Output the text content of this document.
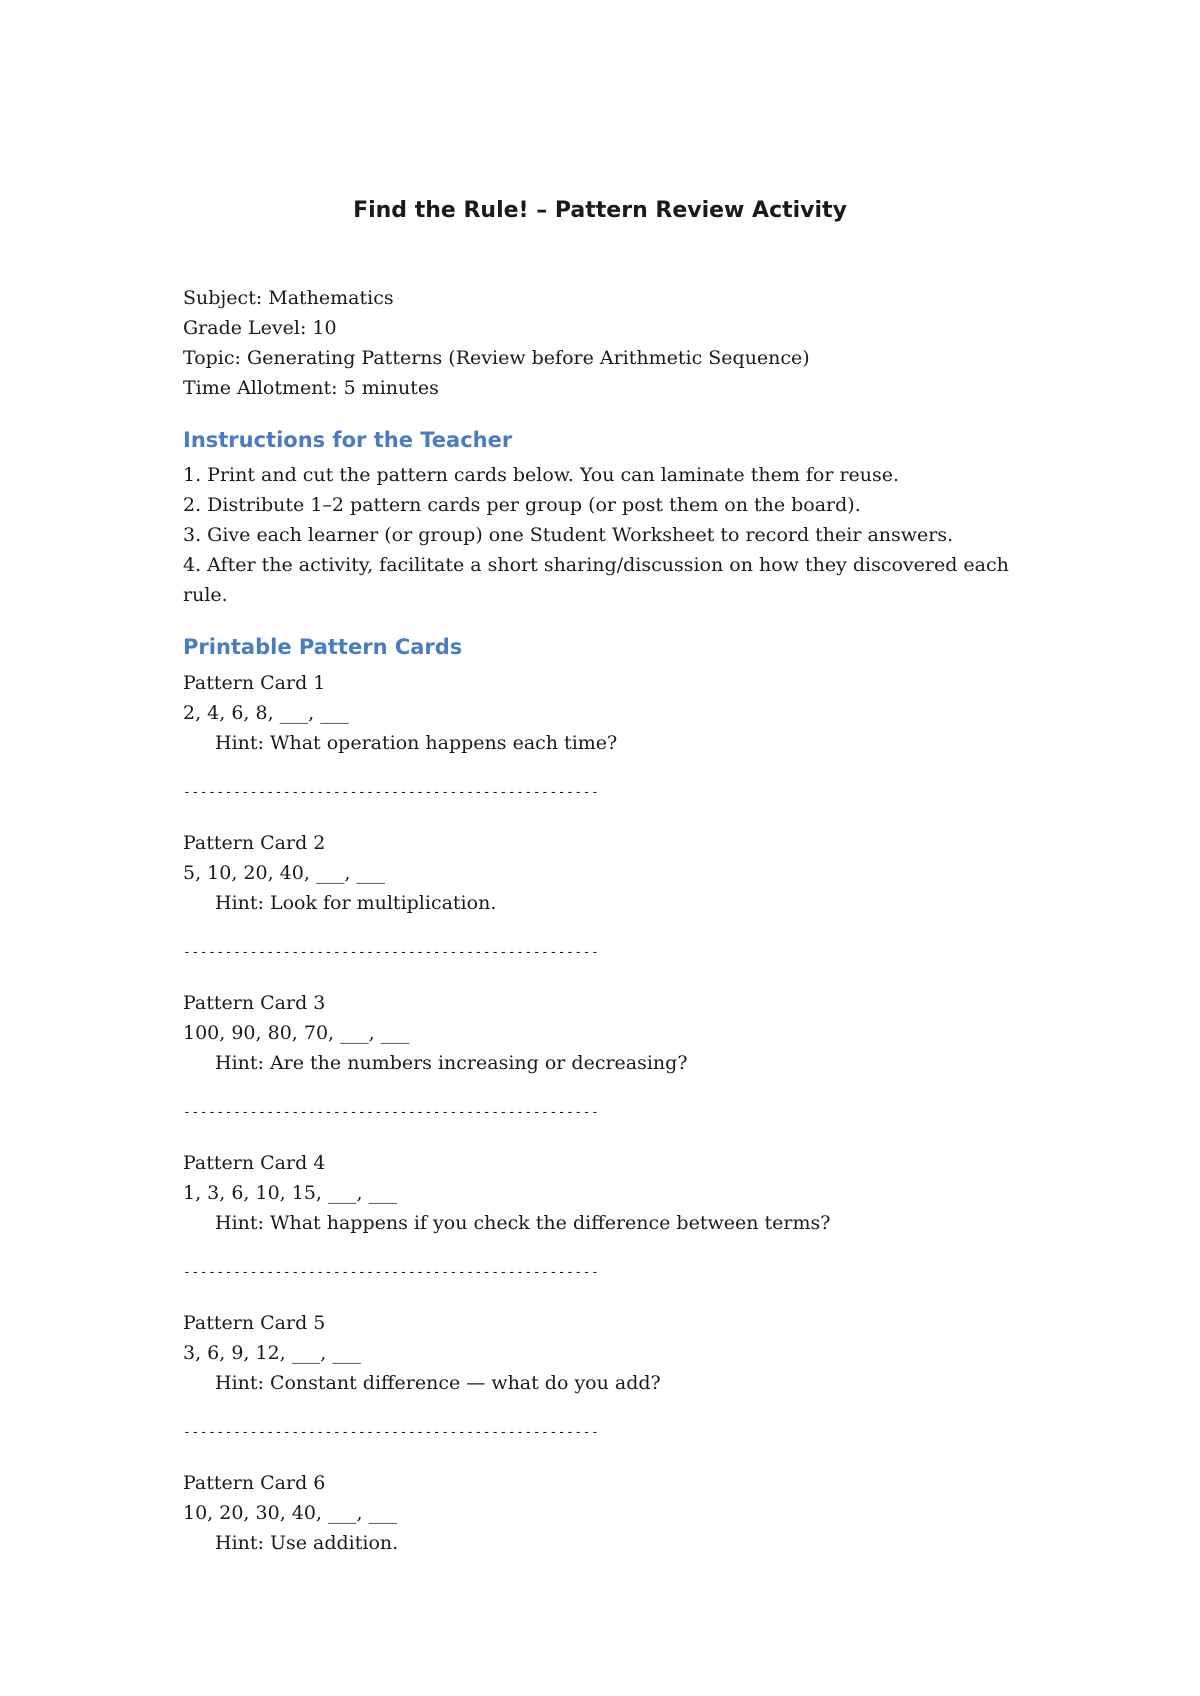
Find the Rule! – Pattern Review Activity
Subject: Mathematics
Grade Level: 10
Topic: Generating Patterns (Review before Arithmetic Sequence)
Time Allotment: 5 minutes
Instructions for the Teacher
1. Print and cut the pattern cards below. You can laminate them for reuse.
2. Distribute 1–2 pattern cards per group (or post them on the board).
3. Give each learner (or group) one Student Worksheet to record their answers.
4. After the activity, facilitate a short sharing/discussion on how they discovered each rule.
Printable Pattern Cards
Pattern Card 1
2, 4, 6, 8, ___, ___
Hint: What operation happens each time?
--------------------------------------------------
Pattern Card 2
5, 10, 20, 40, ___, ___
Hint: Look for multiplication.
--------------------------------------------------
Pattern Card 3
100, 90, 80, 70, ___, ___
Hint: Are the numbers increasing or decreasing?
--------------------------------------------------
Pattern Card 4
1, 3, 6, 10, 15, ___, ___
Hint: What happens if you check the difference between terms?
--------------------------------------------------
Pattern Card 5
3, 6, 9, 12, ___, ___
Hint: Constant difference — what do you add?
--------------------------------------------------
Pattern Card 6
10, 20, 30, 40, ___, ___
Hint: Use addition.
